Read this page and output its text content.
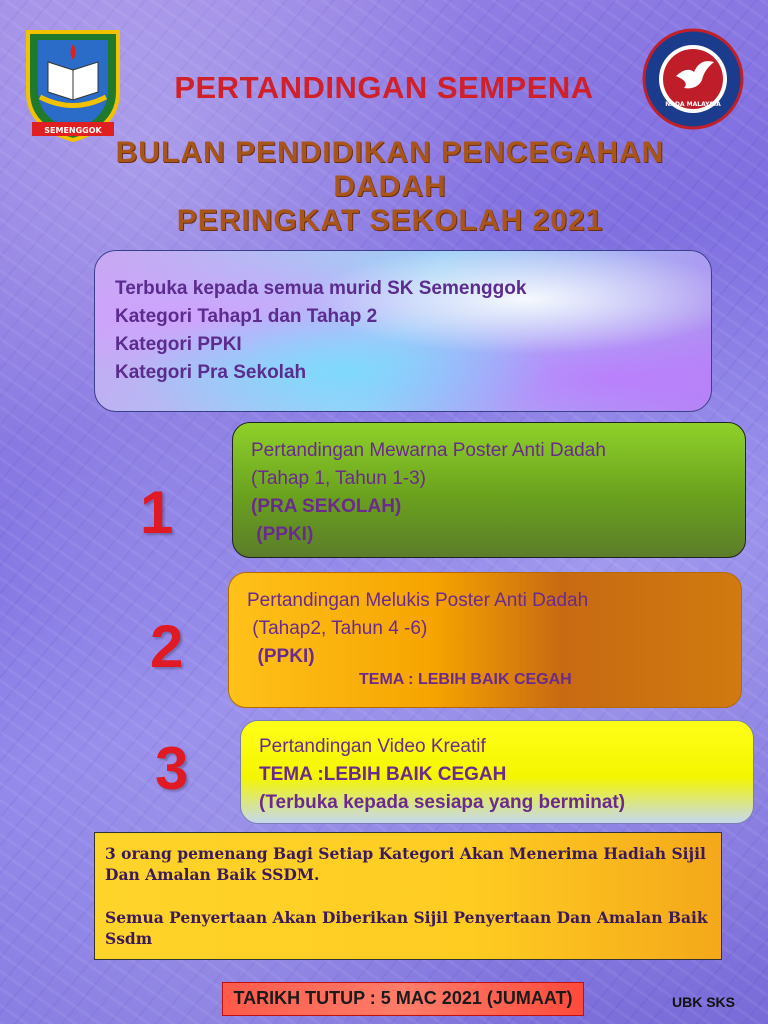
SEMENGGOK
NADA MALAYSIA
PERTANDINGAN SEMPENA
BULAN PENDIDIKAN PENCEGAHAN
DADAH
PERINGKAT SEKOLAH 2021
Terbuka kepada semua murid SK Semenggok
Kategori Tahap1 dan Tahap 2
Kategori PPKI
Kategori Pra Sekolah
1
2
3
Pertandingan Mewarna Poster Anti Dadah
(Tahap 1, Tahun 1-3)
(PRA SEKOLAH)
(PPKI)
Pertandingan Melukis Poster Anti Dadah
(Tahap2, Tahun 4 -6)
(PPKI)
TEMA : LEBIH BAIK CEGAH
Pertandingan Video Kreatif
TEMA :LEBIH BAIK CEGAH
(Terbuka kepada sesiapa yang berminat)

3 orang pemenang Bagi Setiap Kategori Akan Menerima Hadiah Sijil Dan Amalan Baik SSDM.

Semua Penyertaan Akan Diberikan Sijil Penyertaan Dan Amalan Baik Ssdm

TARIKH TUTUP : 5 MAC 2021 (JUMAAT)	UBK SKS
